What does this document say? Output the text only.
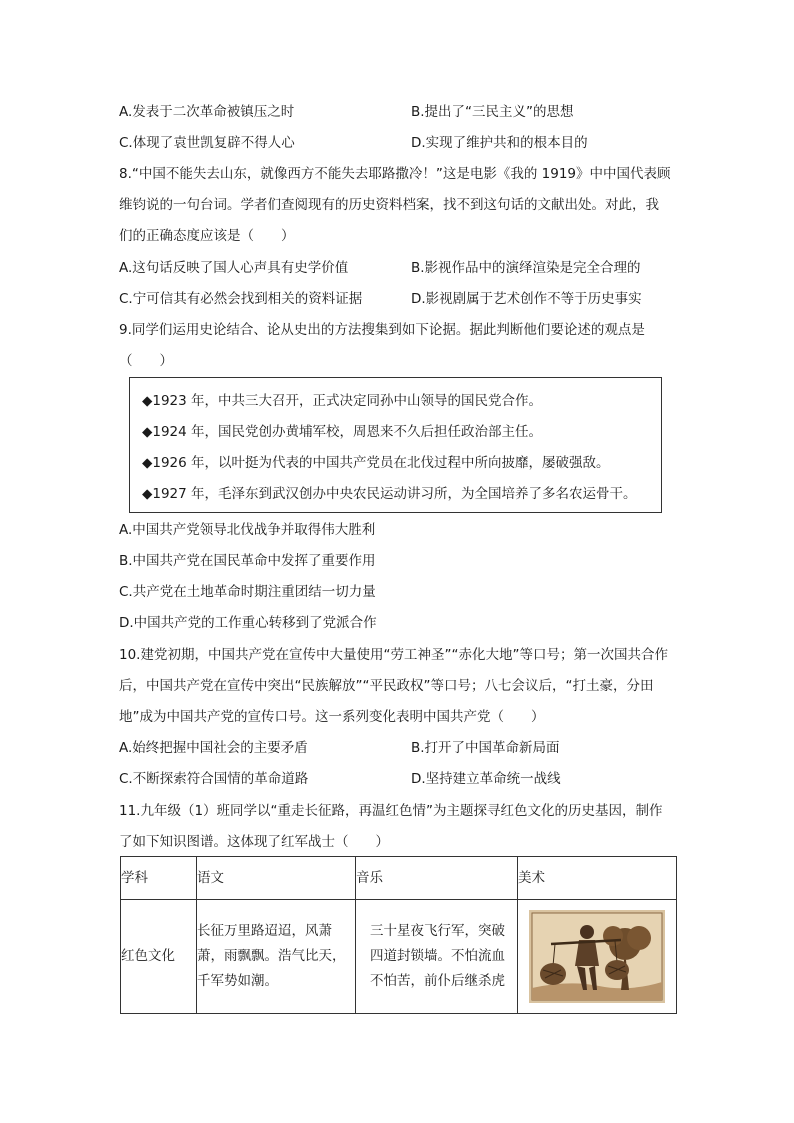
A.发表于二次革命被镇压之时	B.提出了“三民主义”的思想
C.体现了袁世凯复辟不得人心	D.实现了维护共和的根本目的
8.“中国不能失去山东，就像西方不能失去耶路撒冷！”这是电影《我的 1919》中中国代表顾
维钧说的一句台词。学者们查阅现有的历史资料档案，找不到这句话的文献出处。对此，我
们的正确态度应该是（　　）
A.这句话反映了国人心声具有史学价值	B.影视作品中的演绎渲染是完全合理的
C.宁可信其有必然会找到相关的资料证据	D.影视剧属于艺术创作不等于历史事实
9.同学们运用史论结合、论从史出的方法搜集到如下论据。据此判断他们要论述的观点是
（　　）
◆1923 年，中共三大召开，正式决定同孙中山领导的国民党合作。
◆1924 年，国民党创办黄埔军校，周恩来不久后担任政治部主任。
◆1926 年，以叶挺为代表的中国共产党员在北伐过程中所向披靡，屡破强敌。
◆1927 年，毛泽东到武汉创办中央农民运动讲习所，为全国培养了多名农运骨干。
A.中国共产党领导北伐战争并取得伟大胜利
B.中国共产党在国民革命中发挥了重要作用
C.共产党在土地革命时期注重团结一切力量
D.中国共产党的工作重心转移到了党派合作
10.建党初期，中国共产党在宣传中大量使用“劳工神圣”“赤化大地”等口号；第一次国共合作
后，中国共产党在宣传中突出“民族解放”“平民政权”等口号；八七会议后，“打土豪，分田
地”成为中国共产党的宣传口号。这一系列变化表明中国共产党（　　）
A.始终把握中国社会的主要矛盾	B.打开了中国革命新局面
C.不断探索符合国情的革命道路	D.坚持建立革命统一战线
11.九年级（1）班同学以“重走长征路，再温红色情”为主题探寻红色文化的历史基因，制作
了如下知识图谱。这体现了红军战士（　　）
学科	语文	音乐	美术
红色文化	长征万里路迢迢，风萧萧，雨飘飘。浩气比天，千军势如潮。	三十星夜飞行军，突破四道封锁墙。不怕流血不怕苦，前仆后继杀虎	
